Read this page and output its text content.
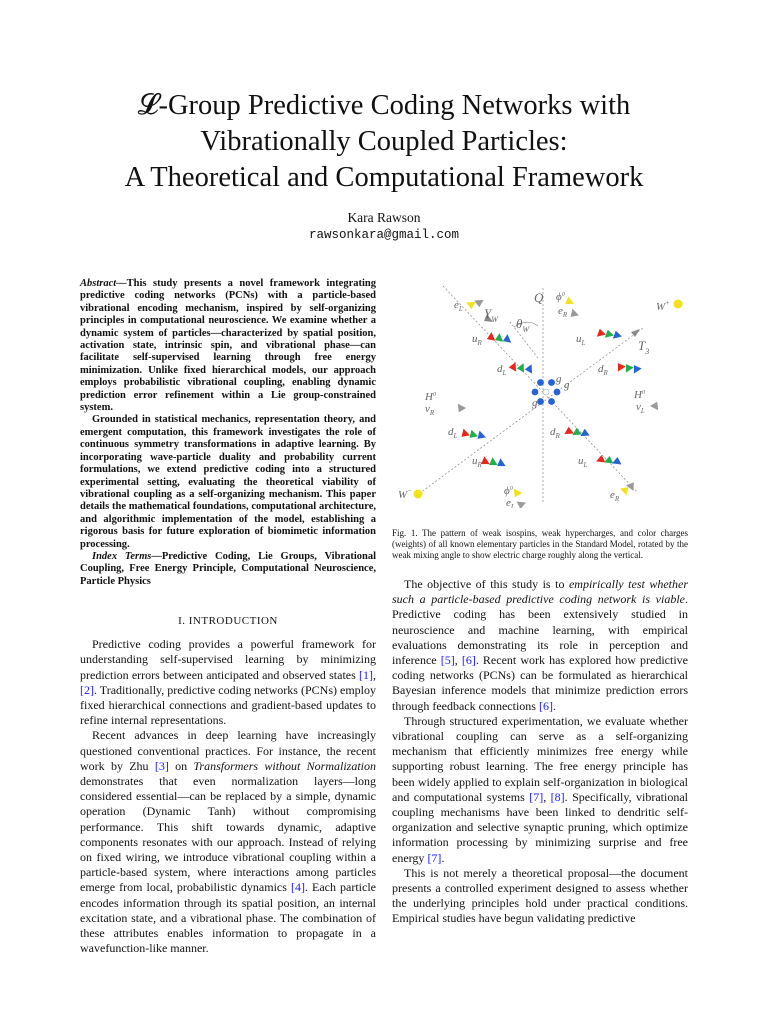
𝓛-Group Predictive Coding Networks with
Vibrationally Coupled Particles:
A Theoretical and Computational Framework
Kara Rawson
rawsonkara@gmail.com

Abstract—This study presents a novel framework integrating predictive coding networks (PCNs) with a particle-based vibrational encoding mechanism, inspired by self-organizing principles in computational neuroscience. We examine whether a dynamic system of particles—characterized by spatial position, activation state, intrinsic spin, and vibrational phase—can facilitate self-supervised learning through free energy minimization. Unlike fixed hierarchical models, our approach employs probabilistic vibrational coupling, enabling dynamic prediction error refinement within a Lie group-constrained system.

Grounded in statistical mechanics, representation theory, and emergent computation, this framework investigates the role of continuous symmetry transformations in adaptive learning. By incorporating wave-particle duality and probability current formulations, we extend predictive coding into a structured experimental setting, evaluating the theoretical viability of vibrational coupling as a self-organizing mechanism. This paper details the mathematical foundations, computational architecture, and algorithmic implementation of the model, establishing a rigorous basis for future exploration of biomimetic information processing.

Index Terms—Predictive Coding, Lie Groups, Vibrational Coupling, Free Energy Principle, Computational Neuroscience, Particle Physics

I. INTRODUCTION

Predictive coding provides a powerful framework for understanding self-supervised learning by minimizing prediction errors between anticipated and observed states [1], [2]. Traditionally, predictive coding networks (PCNs) employ fixed hierarchical connections and gradient-based updates to refine internal representations.

Recent advances in deep learning have increasingly questioned conventional practices. For instance, the recent work by Zhu [3] on Transformers without Normalization demonstrates that even normalization layers—long considered essential—can be replaced by a simple, dynamic operation (Dynamic Tanh) without compromising performance. This shift towards dynamic, adaptive components resonates with our approach. Instead of relying on fixed wiring, we introduce vibrational coupling within a particle-based system, where interactions among particles emerge from local, probabilistic dynamics [4]. Each particle encodes information through its spatial position, an internal excitation state, and a vibrational phase. The combination of these attributes enables information to propagate in a wavefunction-like manner.

$e_L$
Q $\phi^0$
$e_R$
W+
$Y_W$ $\theta_W$
$u_R$	$u_L$	$T_3$
$d_L$	$d_R$
$H^0$
$\nu_R$
g
g g
$H^0$
$\nu_L$
$d_L$	$d_R$
$u_R$	$u_L$
W−	$\phi^0$
$e_L$
$e_R$
Fig. 1. The pattern of weak isospins, weak hypercharges, and color charges (weights) of all known elementary particles in the Standard Model, rotated by the weak mixing angle to show electric charge roughly along the vertical.

The objective of this study is to empirically test whether such a particle-based predictive coding network is viable. Predictive coding has been extensively studied in neuroscience and machine learning, with empirical evaluations demonstrating its role in perception and inference [5], [6]. Recent work has explored how predictive coding networks (PCNs) can be formulated as hierarchical Bayesian inference models that minimize prediction errors through feedback connections [6].

Through structured experimentation, we evaluate whether vibrational coupling can serve as a self-organizing mechanism that efficiently minimizes free energy while supporting robust learning. The free energy principle has been widely applied to explain self-organization in biological and computational systems [7], [8]. Specifically, vibrational coupling mechanisms have been linked to dendritic self-organization and selective synaptic pruning, which optimize information processing by minimizing surprise and free energy [7].

This is not merely a theoretical proposal—the document presents a controlled experiment designed to assess whether the underlying principles hold under practical conditions. Empirical studies have begun validating predictive
